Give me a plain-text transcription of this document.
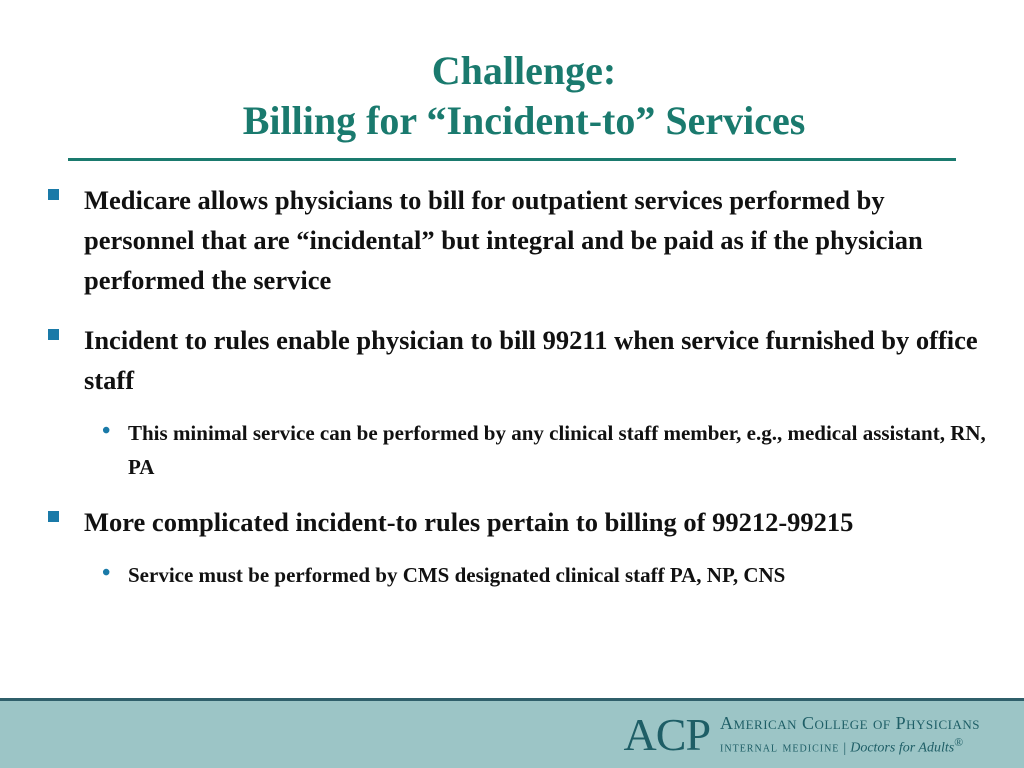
Challenge:
Billing for “Incident-to” Services
Medicare allows physicians to bill for outpatient services performed by personnel that are “incidental” but integral and be paid as if the physician performed the service
Incident to rules enable physician to bill 99211 when service furnished by office staff
• This minimal service can be performed by any clinical staff member, e.g., medical assistant, RN, PA
More complicated incident-to rules pertain to billing of 99212-99215
• Service must be performed by CMS designated clinical staff PA, NP, CNS
ACP American College of Physicians
internal medicine | Doctors for Adults®
